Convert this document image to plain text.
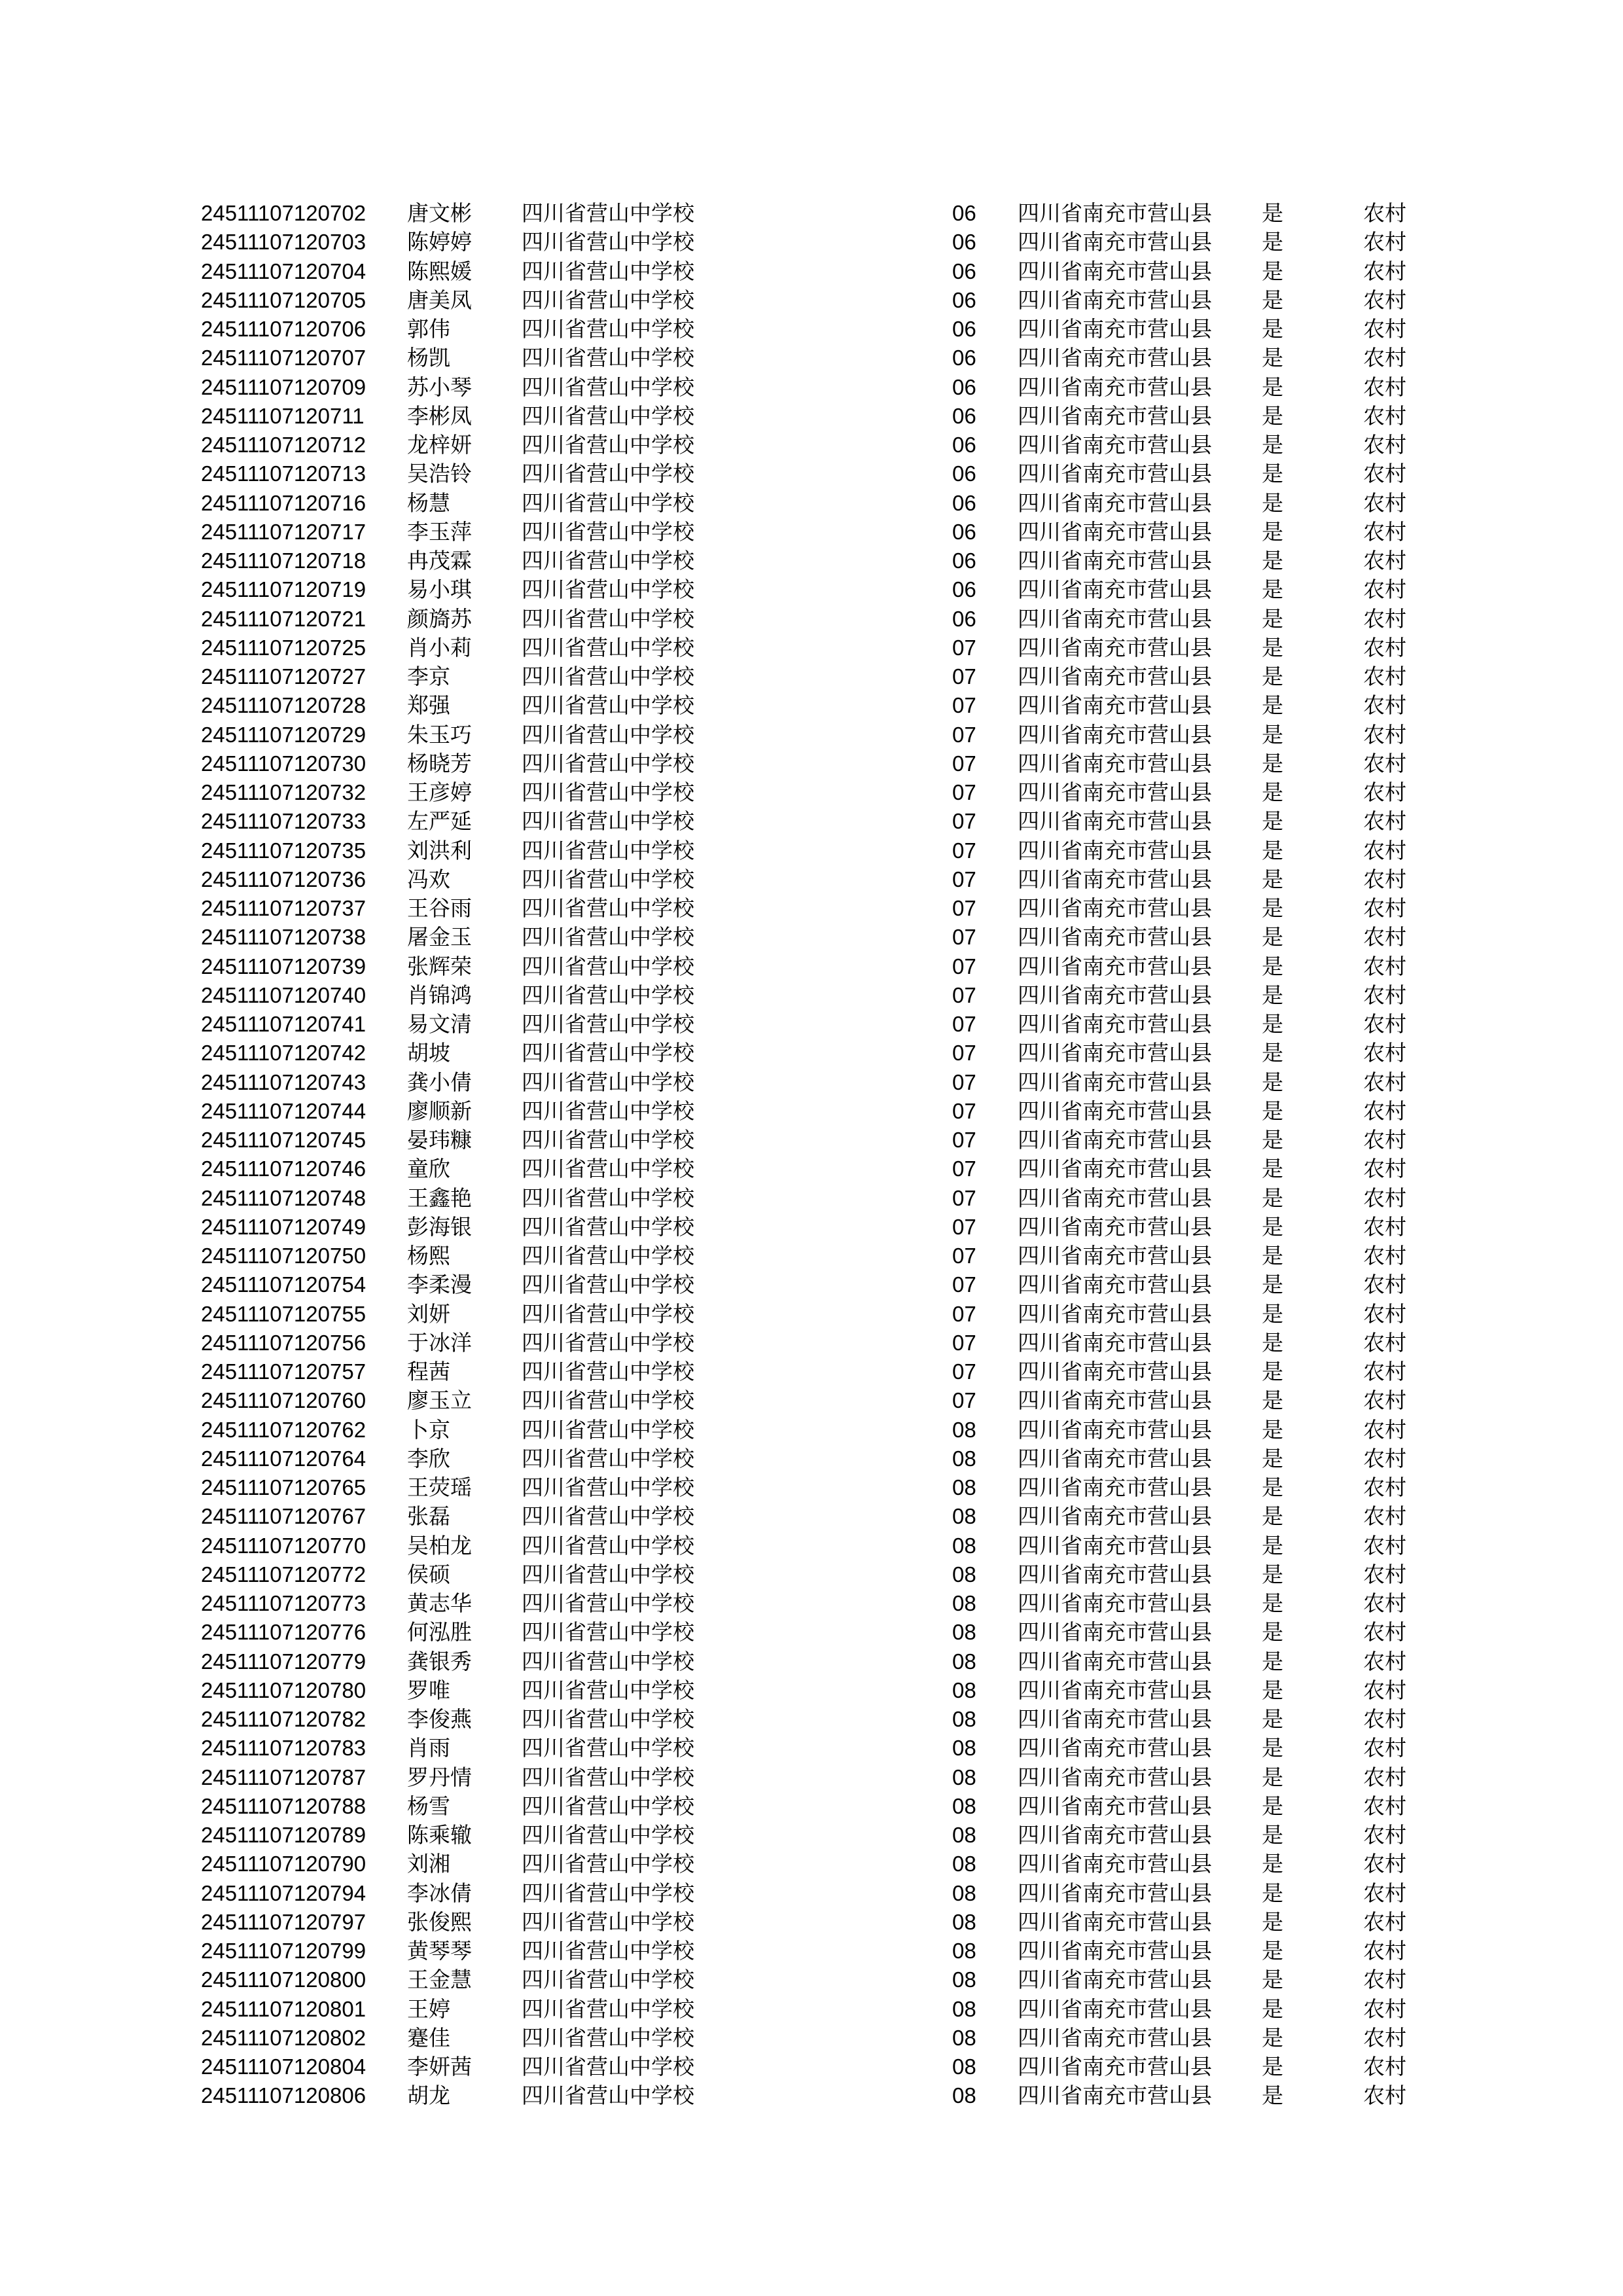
24511107120702 唐文彬 四川省营山中学校	06 四川省南充市营山县 是	农村
24511107120703 陈婷婷 四川省营山中学校	06 四川省南充市营山县 是	农村
24511107120704 陈熙媛 四川省营山中学校	06 四川省南充市营山县 是	农村
24511107120705 唐美凤 四川省营山中学校	06 四川省南充市营山县 是	农村
24511107120706 郭伟	四川省营山中学校	06 四川省南充市营山县 是	农村
24511107120707 杨凯	四川省营山中学校	06 四川省南充市营山县 是	农村
24511107120709 苏小琴 四川省营山中学校	06 四川省南充市营山县 是	农村
24511107120711 李彬凤 四川省营山中学校	06 四川省南充市营山县 是	农村
24511107120712 龙梓妍 四川省营山中学校	06 四川省南充市营山县 是	农村
24511107120713 吴浩铃 四川省营山中学校	06 四川省南充市营山县 是	农村
24511107120716 杨慧	四川省营山中学校	06 四川省南充市营山县 是	农村
24511107120717 李玉萍 四川省营山中学校	06 四川省南充市营山县 是	农村
24511107120718 冉茂霖 四川省营山中学校	06 四川省南充市营山县 是	农村
24511107120719 易小琪 四川省营山中学校	06 四川省南充市营山县 是	农村
24511107120721 颜旖苏 四川省营山中学校	06 四川省南充市营山县 是	农村
24511107120725 肖小莉 四川省营山中学校	07 四川省南充市营山县 是	农村
24511107120727 李京	四川省营山中学校	07 四川省南充市营山县 是	农村
24511107120728 郑强	四川省营山中学校	07 四川省南充市营山县 是	农村
24511107120729 朱玉巧 四川省营山中学校	07 四川省南充市营山县 是	农村
24511107120730 杨晓芳 四川省营山中学校	07 四川省南充市营山县 是	农村
24511107120732 王彦婷 四川省营山中学校	07 四川省南充市营山县 是	农村
24511107120733 左严延 四川省营山中学校	07 四川省南充市营山县 是	农村
24511107120735 刘洪利 四川省营山中学校	07 四川省南充市营山县 是	农村
24511107120736 冯欢	四川省营山中学校	07 四川省南充市营山县 是	农村
24511107120737 王谷雨 四川省营山中学校	07 四川省南充市营山县 是	农村
24511107120738 屠金玉 四川省营山中学校	07 四川省南充市营山县 是	农村
24511107120739 张辉荣 四川省营山中学校	07 四川省南充市营山县 是	农村
24511107120740 肖锦鸿 四川省营山中学校	07 四川省南充市营山县 是	农村
24511107120741 易文清 四川省营山中学校	07 四川省南充市营山县 是	农村
24511107120742 胡坡	四川省营山中学校	07 四川省南充市营山县 是	农村
24511107120743 龚小倩 四川省营山中学校	07 四川省南充市营山县 是	农村
24511107120744 廖顺新 四川省营山中学校	07 四川省南充市营山县 是	农村
24511107120745 晏玮糠 四川省营山中学校	07 四川省南充市营山县 是	农村
24511107120746 童欣	四川省营山中学校	07 四川省南充市营山县 是	农村
24511107120748 王鑫艳 四川省营山中学校	07 四川省南充市营山县 是	农村
24511107120749 彭海银 四川省营山中学校	07 四川省南充市营山县 是	农村
24511107120750 杨熙	四川省营山中学校	07 四川省南充市营山县 是	农村
24511107120754 李柔漫 四川省营山中学校	07 四川省南充市营山县 是	农村
24511107120755 刘妍	四川省营山中学校	07 四川省南充市营山县 是	农村
24511107120756 于冰洋 四川省营山中学校	07 四川省南充市营山县 是	农村
24511107120757 程茜	四川省营山中学校	07 四川省南充市营山县 是	农村
24511107120760 廖玉立 四川省营山中学校	07 四川省南充市营山县 是	农村
24511107120762 卜京	四川省营山中学校	08 四川省南充市营山县 是	农村
24511107120764 李欣	四川省营山中学校	08 四川省南充市营山县 是	农村
24511107120765 王荧瑶 四川省营山中学校	08 四川省南充市营山县 是	农村
24511107120767 张磊	四川省营山中学校	08 四川省南充市营山县 是	农村
24511107120770 吴柏龙 四川省营山中学校	08 四川省南充市营山县 是	农村
24511107120772 侯硕	四川省营山中学校	08 四川省南充市营山县 是	农村
24511107120773 黄志华 四川省营山中学校	08 四川省南充市营山县 是	农村
24511107120776 何泓胜 四川省营山中学校	08 四川省南充市营山县 是	农村
24511107120779 龚银秀 四川省营山中学校	08 四川省南充市营山县 是	农村
24511107120780 罗唯	四川省营山中学校	08 四川省南充市营山县 是	农村
24511107120782 李俊燕 四川省营山中学校	08 四川省南充市营山县 是	农村
24511107120783 肖雨	四川省营山中学校	08 四川省南充市营山县 是	农村
24511107120787 罗丹情 四川省营山中学校	08 四川省南充市营山县 是	农村
24511107120788 杨雪	四川省营山中学校	08 四川省南充市营山县 是	农村
24511107120789 陈乘辙 四川省营山中学校	08 四川省南充市营山县 是	农村
24511107120790 刘湘	四川省营山中学校	08 四川省南充市营山县 是	农村
24511107120794 李冰倩 四川省营山中学校	08 四川省南充市营山县 是	农村
24511107120797 张俊熙 四川省营山中学校	08 四川省南充市营山县 是	农村
24511107120799 黄琴琴 四川省营山中学校	08 四川省南充市营山县 是	农村
24511107120800 王金慧 四川省营山中学校	08 四川省南充市营山县 是	农村
24511107120801 王婷	四川省营山中学校	08 四川省南充市营山县 是	农村
24511107120802 蹇佳	四川省营山中学校	08 四川省南充市营山县 是	农村
24511107120804 李妍茜 四川省营山中学校	08 四川省南充市营山县 是	农村
24511107120806 胡龙	四川省营山中学校	08 四川省南充市营山县 是	农村
